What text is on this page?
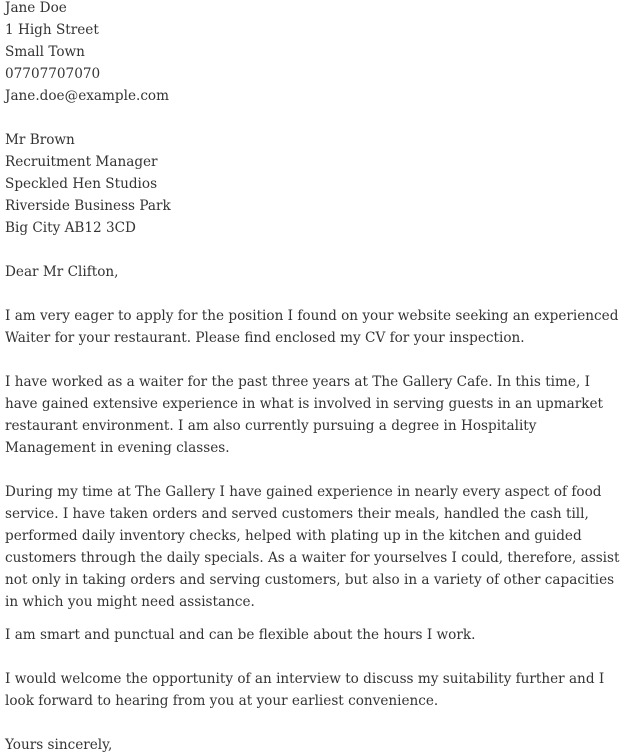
Jane Doe

1 High Street

Small Town

07707707070

Jane.doe@example.com

Mr Brown

Recruitment Manager

Speckled Hen Studios

Riverside Business Park

Big City AB12 3CD

Dear Mr Clifton,

I am very eager to apply for the position I found on your website seeking an experienced Waiter for your restaurant. Please find enclosed my CV for your inspection.

I have worked as a waiter for the past three years at The Gallery Cafe. In this time, I have gained extensive experience in what is involved in serving guests in an upmarket restaurant environment. I am also currently pursuing a degree in Hospitality Management in evening classes.

During my time at The Gallery I have gained experience in nearly every aspect of food service. I have taken orders and served customers their meals, handled the cash till, performed daily inventory checks, helped with plating up in the kitchen and guided customers through the daily specials. As a waiter for yourselves I could, therefore, assist not only in taking orders and serving customers, but also in a variety of other capacities in which you might need assistance.

I am smart and punctual and can be flexible about the hours I work.

I would welcome the opportunity of an interview to discuss my suitability further and I look forward to hearing from you at your earliest convenience.

Yours sincerely,
